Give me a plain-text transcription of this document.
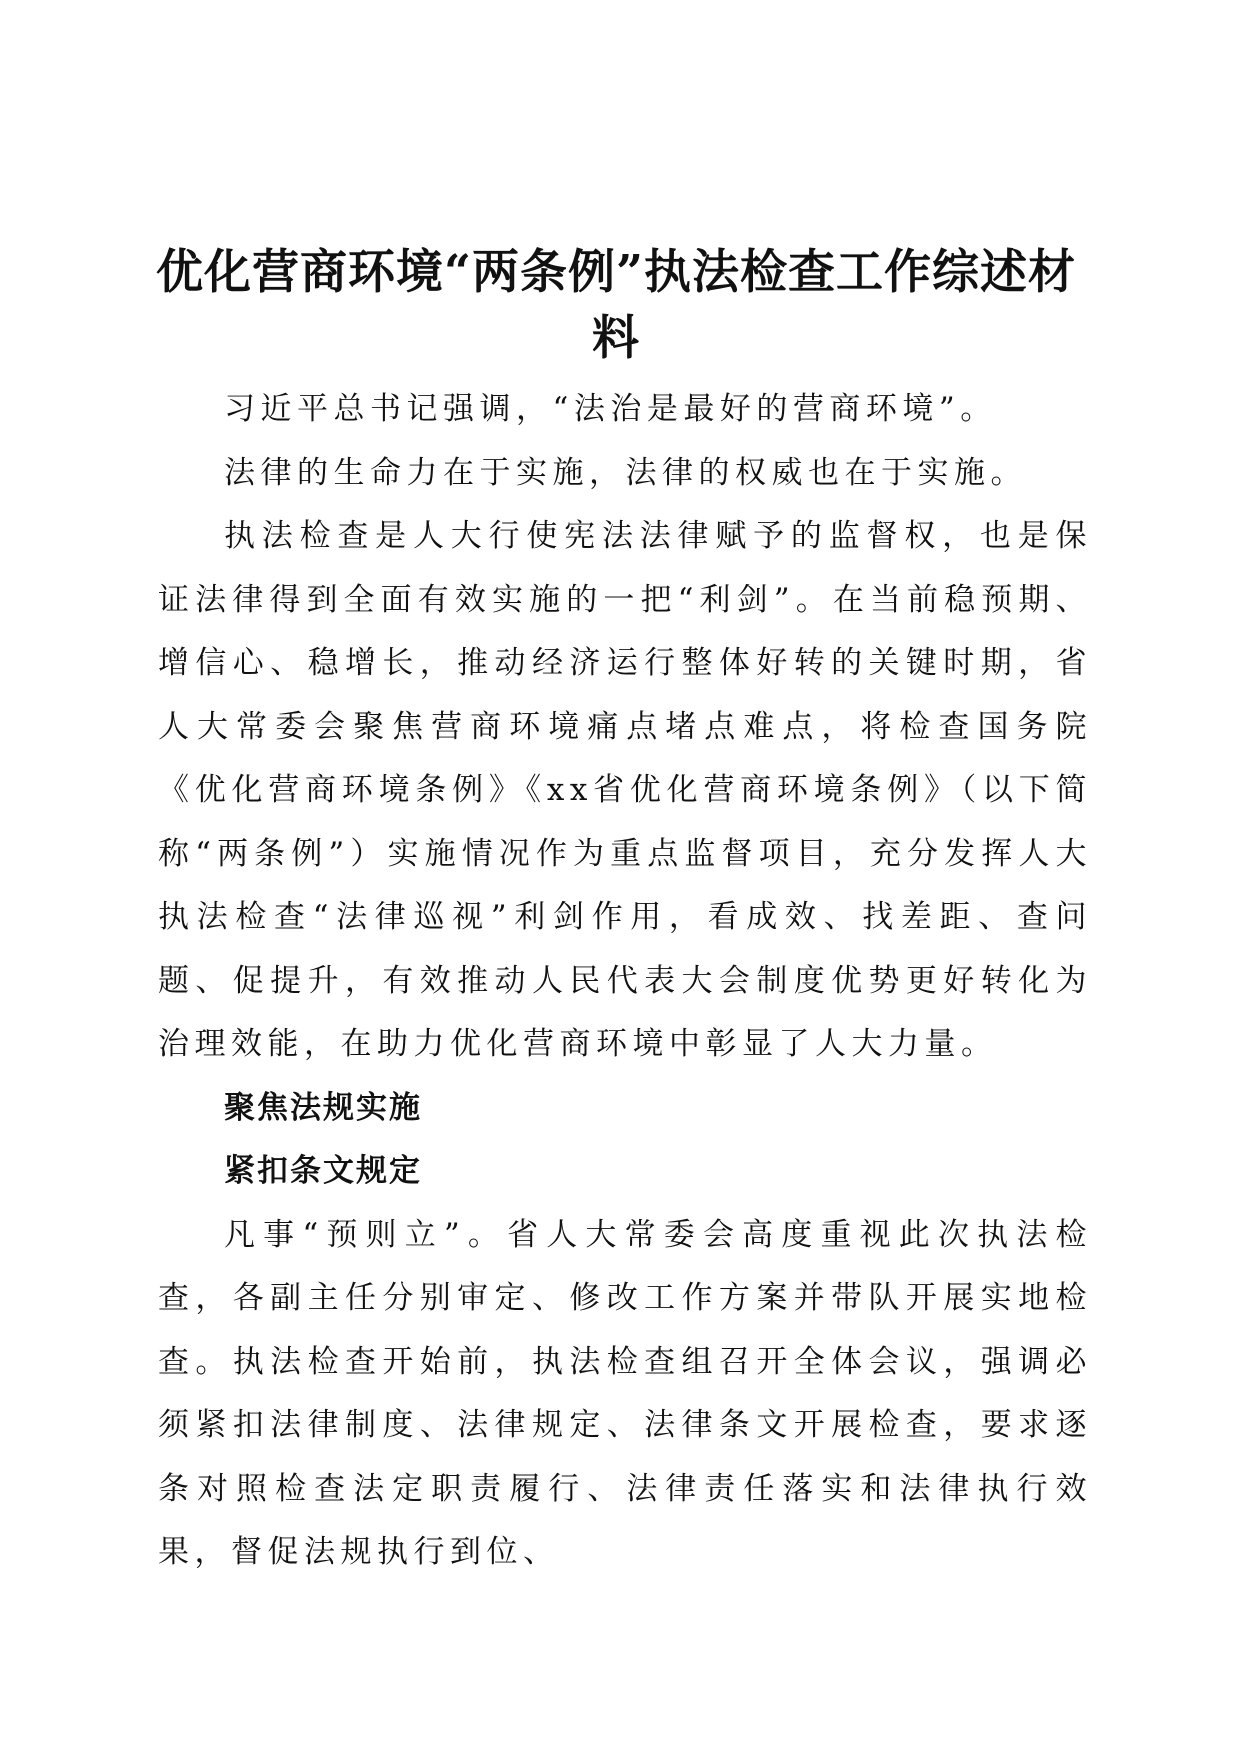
优化营商环境“两条例”执法检查工作综述材料

习近平总书记强调，“法治是最好的营商环境”。

法律的生命力在于实施，法律的权威也在于实施。

执法检查是人大行使宪法法律赋予的监督权，也是保证法律得到全面有效实施的一把“利剑”。在当前稳预期、增信心、稳增长，推动经济运行整体好转的关键时期，省人大常委会聚焦营商环境痛点堵点难点，将检查国务院《优化营商环境条例》《xx省优化营商环境条例》（以下简称“两条例”）实施情况作为重点监督项目，充分发挥人大执法检查“法律巡视”利剑作用，看成效、找差距、查问题、促提升，有效推动人民代表大会制度优势更好转化为治理效能，在助力优化营商环境中彰显了人大力量。

聚焦法规实施

紧扣条文规定

凡事“预则立”。省人大常委会高度重视此次执法检查，各副主任分别审定、修改工作方案并带队开展实地检查。执法检查开始前，执法检查组召开全体会议，强调必须紧扣法律制度、法律规定、法律条文开展检查，要求逐条对照检查法定职责履行、法律责任落实和法律执行效果，督促法规执行到位、
